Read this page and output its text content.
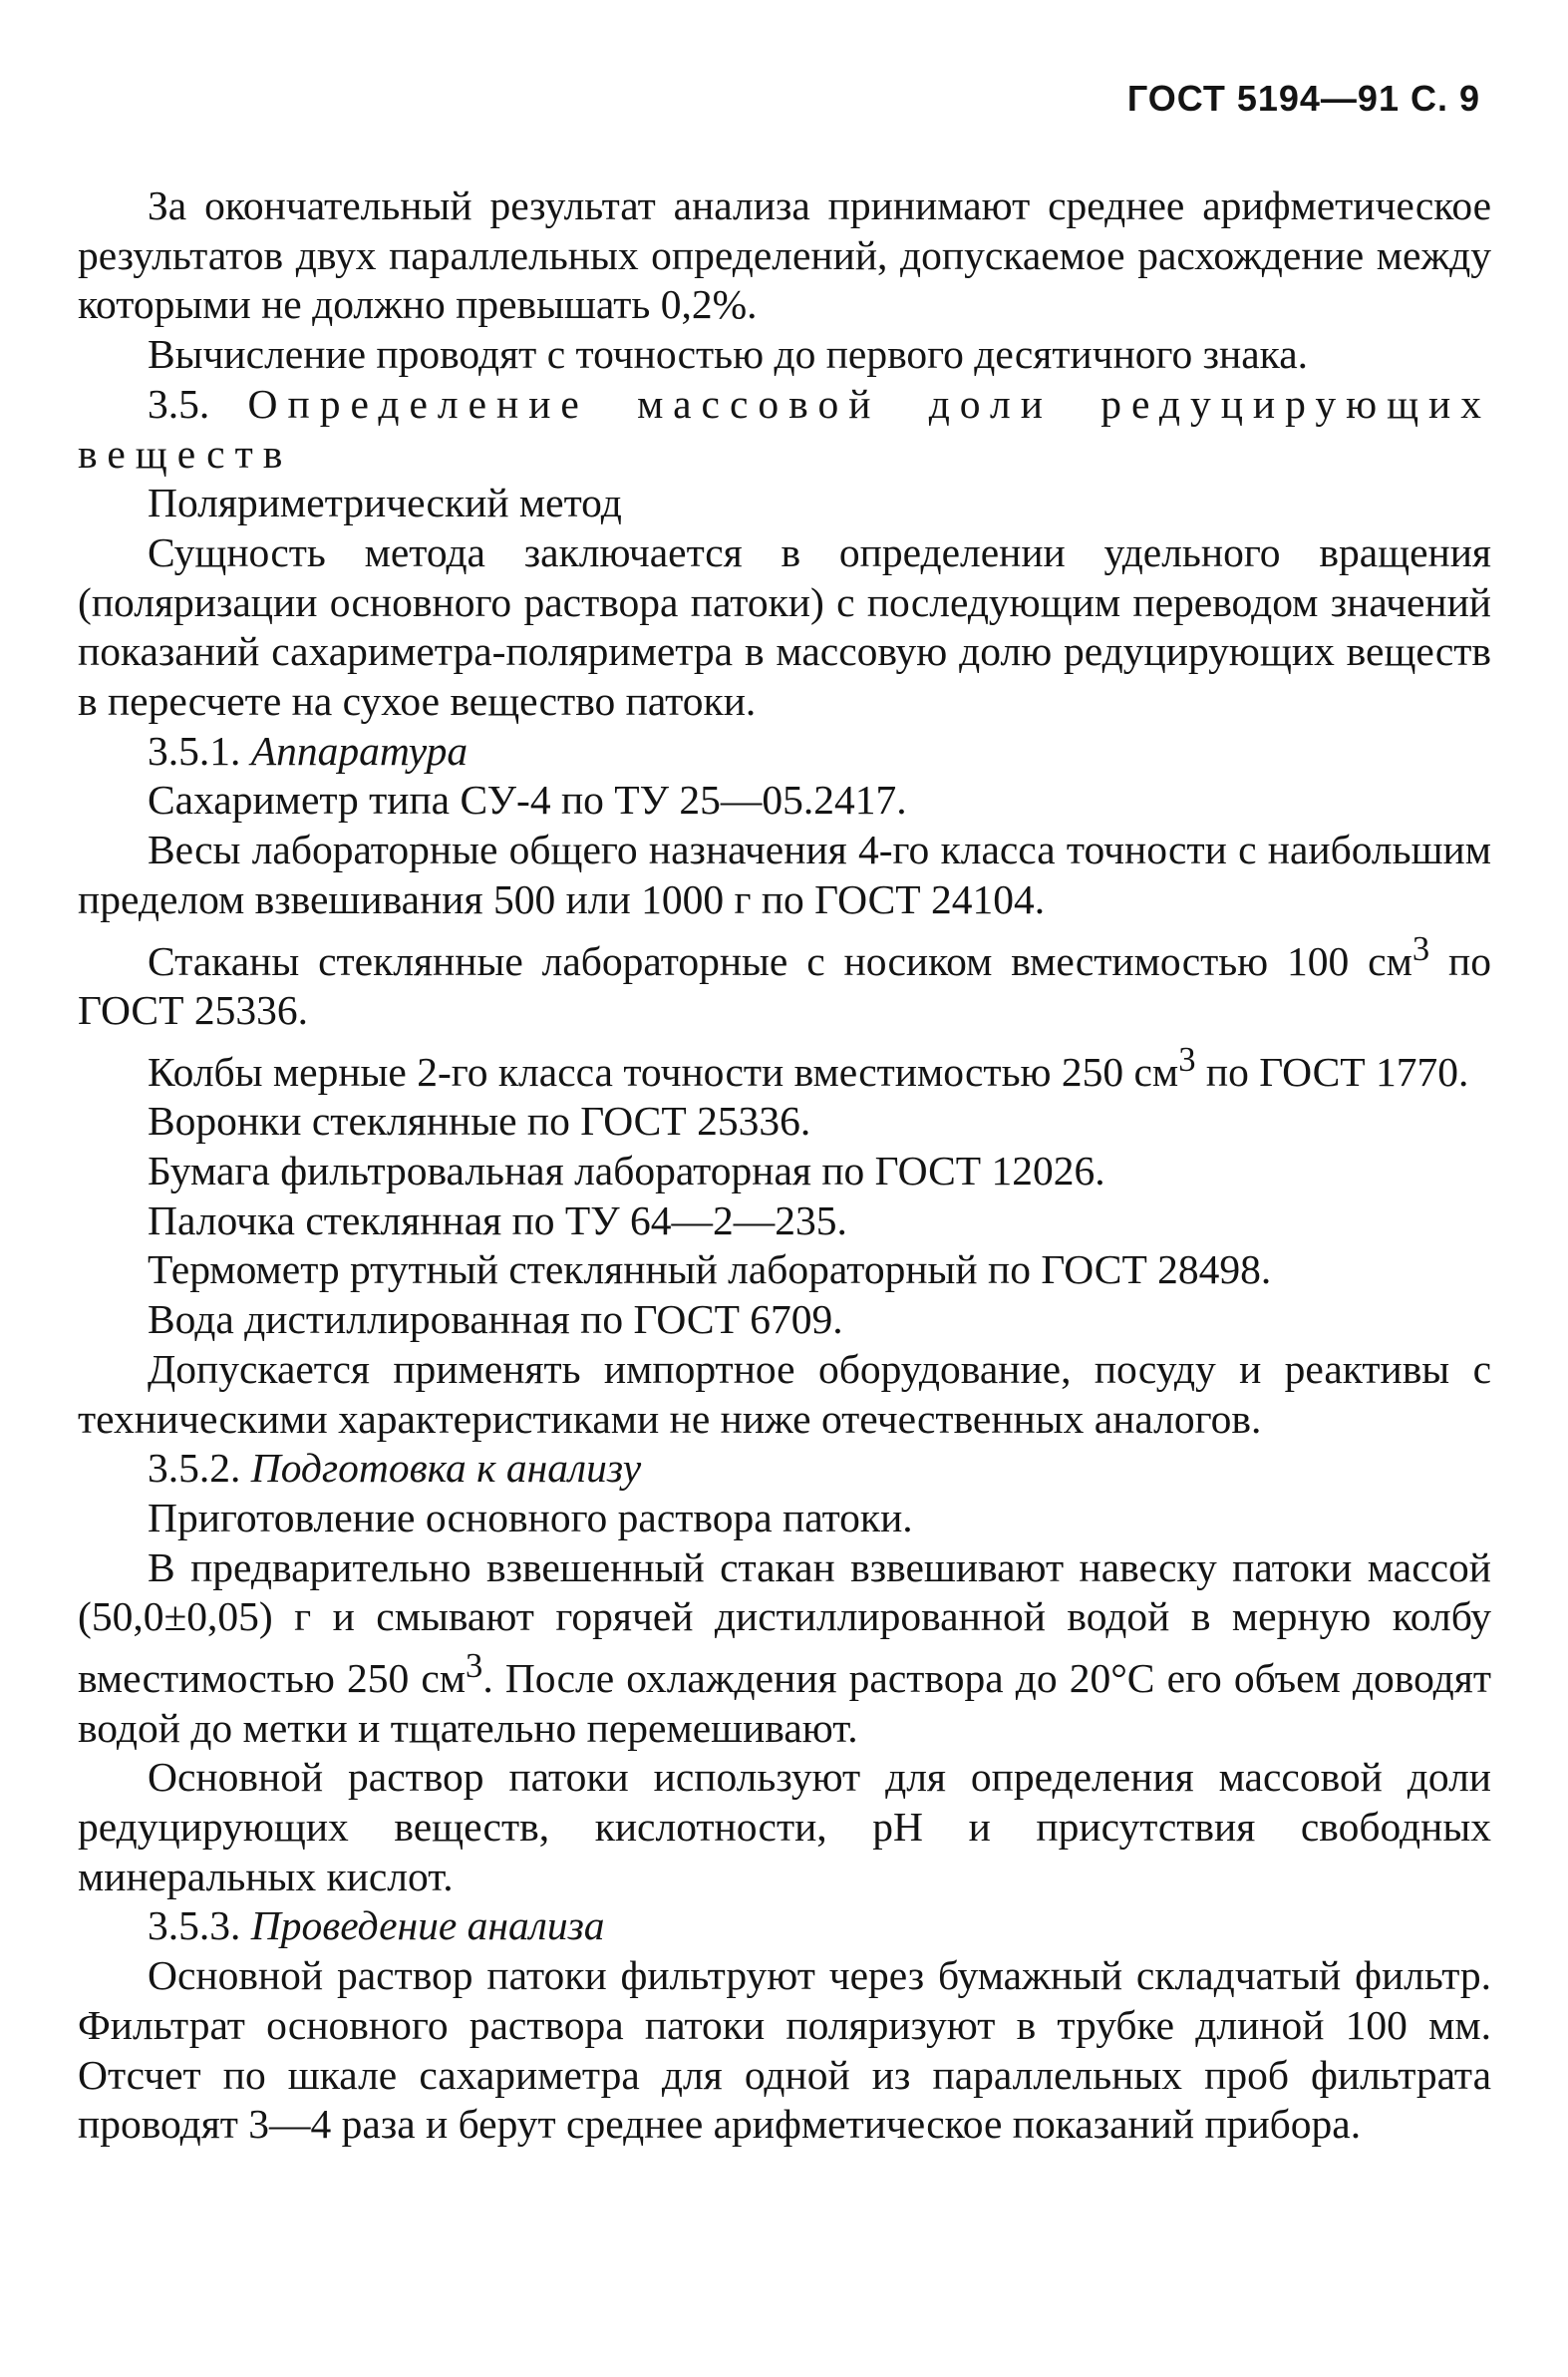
ГОСТ 5194—91 С. 9

За окончательный результат анализа принимают среднее арифметическое результатов двух параллельных определений, допускаемое расхождение между которыми не должно превышать 0,2%.

Вычисление проводят с точностью до первого десятичного знака.

3.5. Определение массовой доли редуцирующих веществ

Поляриметрический метод

Сущность метода заключается в определении удельного вращения (поляризации основного раствора патоки) с последующим переводом значений показаний сахариметра-поляриметра в массовую долю редуцирующих веществ в пересчете на сухое вещество патоки.

3.5.1. Аппаратура

Сахариметр типа СУ-4 по ТУ 25—05.2417.

Весы лабораторные общего назначения 4-го класса точности с наибольшим пределом взвешивания 500 или 1000 г по ГОСТ 24104.

Стаканы стеклянные лабораторные с носиком вместимостью 100 $см^3$ по ГОСТ 25336.

Колбы мерные 2-го класса точности вместимостью 250 $см^3$ по ГОСТ 1770.

Воронки стеклянные по ГОСТ 25336.

Бумага фильтровальная лабораторная по ГОСТ 12026.

Палочка стеклянная по ТУ 64—2—235.

Термометр ртутный стеклянный лабораторный по ГОСТ 28498.

Вода дистиллированная по ГОСТ 6709.

Допускается применять импортное оборудование, посуду и реактивы с техническими характеристиками не ниже отечественных аналогов.

3.5.2. Подготовка к анализу

Приготовление основного раствора патоки.

В предварительно взвешенный стакан взвешивают навеску патоки массой (50,0±0,05) г и смывают горячей дистиллированной водой в мерную колбу вместимостью 250 $см^3$. После охлаждения раствора до 20°С его объем доводят водой до метки и тщательно перемешивают.

Основной раствор патоки используют для определения массовой доли редуцирующих веществ, кислотности, рН и присутствия свободных минеральных кислот.

3.5.3. Проведение анализа

Основной раствор патоки фильтруют через бумажный складчатый фильтр. Фильтрат основного раствора патоки поляризуют в трубке длиной 100 мм. Отсчет по шкале сахариметра для одной из параллельных проб фильтрата проводят 3—4 раза и берут среднее арифметическое показаний прибора.
